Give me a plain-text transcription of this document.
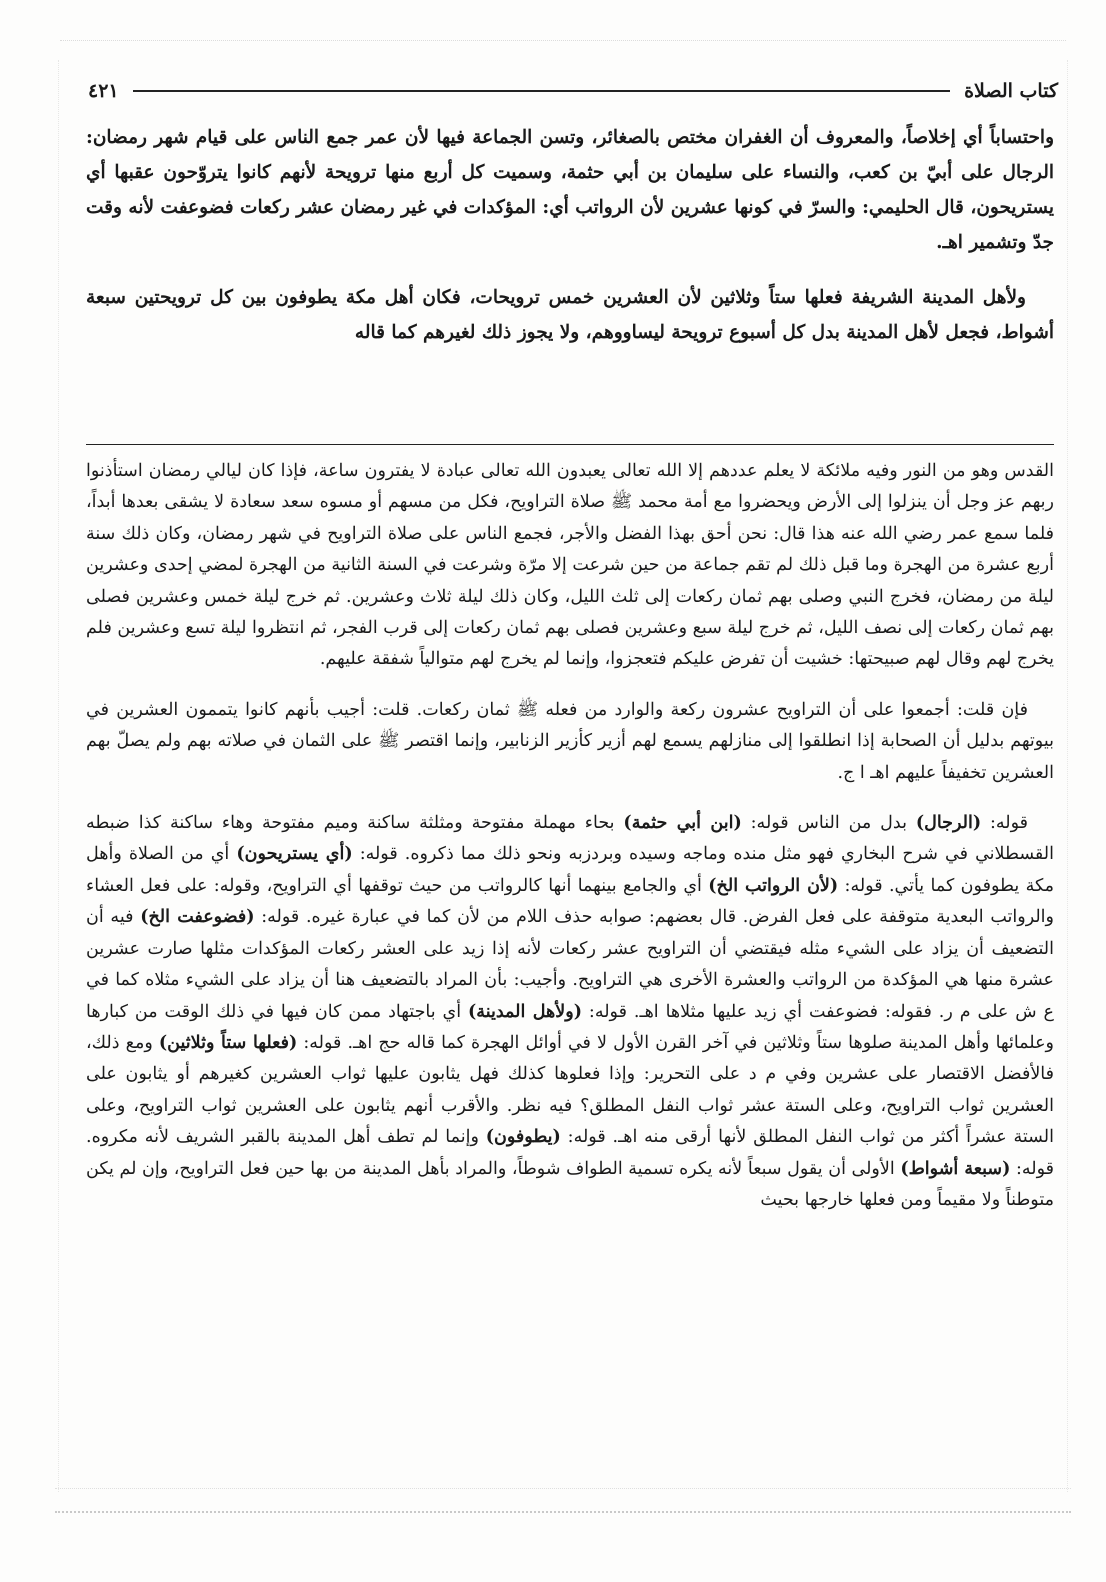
كتاب الصلاة
٤٢١

واحتساباً أي إخلاصاً، والمعروف أن الغفران مختص بالصغائر، وتسن الجماعة فيها لأن عمر جمع الناس على قيام شهر رمضان: الرجال على أبيّ بن كعب، والنساء على سليمان بن أبي حثمة، وسميت كل أربع منها ترويحة لأنهم كانوا يتروّحون عقبها أي يستريحون، قال الحليمي: والسرّ في كونها عشرين لأن الرواتب أي: المؤكدات في غير رمضان عشر ركعات فضوعفت لأنه وقت جدّ وتشمير اهـ.

ولأهل المدينة الشريفة فعلها ستاً وثلاثين لأن العشرين خمس ترويحات، فكان أهل مكة يطوفون بين كل ترويحتين سبعة أشواط، فجعل لأهل المدينة بدل كل أسبوع ترويحة ليساووهم، ولا يجوز ذلك لغيرهم كما قاله

القدس وهو من النور وفيه ملائكة لا يعلم عددهم إلا الله تعالى يعبدون الله تعالى عبادة لا يفترون ساعة، فإذا كان ليالي رمضان استأذنوا ربهم عز وجل أن ينزلوا إلى الأرض ويحضروا مع أمة محمد ﷺ صلاة التراويح، فكل من مسهم أو مسوه سعد سعادة لا يشقى بعدها أبداً، فلما سمع عمر رضي الله عنه هذا قال: نحن أحق بهذا الفضل والأجر، فجمع الناس على صلاة التراويح في شهر رمضان، وكان ذلك سنة أربع عشرة من الهجرة وما قبل ذلك لم تقم جماعة من حين شرعت إلا مرّة وشرعت في السنة الثانية من الهجرة لمضي إحدى وعشرين ليلة من رمضان، فخرج النبي وصلى بهم ثمان ركعات إلى ثلث الليل، وكان ذلك ليلة ثلاث وعشرين. ثم خرج ليلة خمس وعشرين فصلى بهم ثمان ركعات إلى نصف الليل، ثم خرج ليلة سبع وعشرين فصلى بهم ثمان ركعات إلى قرب الفجر، ثم انتظروا ليلة تسع وعشرين فلم يخرج لهم وقال لهم صبيحتها: خشيت أن تفرض عليكم فتعجزوا، وإنما لم يخرج لهم متوالياً شفقة عليهم.

فإن قلت: أجمعوا على أن التراويح عشرون ركعة والوارد من فعله ﷺ ثمان ركعات. قلت: أجيب بأنهم كانوا يتممون العشرين في بيوتهم بدليل أن الصحابة إذا انطلقوا إلى منازلهم يسمع لهم أزير كأزير الزنابير، وإنما اقتصر ﷺ على الثمان في صلاته بهم ولم يصلّ بهم العشرين تخفيفاً عليهم اهـ ا ج.

قوله: (الرجال) بدل من الناس قوله: (ابن أبي حثمة) بحاء مهملة مفتوحة ومثلثة ساكنة وميم مفتوحة وهاء ساكنة كذا ضبطه القسطلاني في شرح البخاري فهو مثل منده وماجه وسيده وبردزبه ونحو ذلك مما ذكروه. قوله: (أي يستريحون) أي من الصلاة وأهل مكة يطوفون كما يأتي. قوله: (لأن الرواتب الخ) أي والجامع بينهما أنها كالرواتب من حيث توقفها أي التراويح، وقوله: على فعل العشاء والرواتب البعدية متوقفة على فعل الفرض. قال بعضهم: صوابه حذف اللام من لأن كما في عبارة غيره. قوله: (فضوعفت الخ) فيه أن التضعيف أن يزاد على الشيء مثله فيقتضي أن التراويح عشر ركعات لأنه إذا زيد على العشر ركعات المؤكدات مثلها صارت عشرين عشرة منها هي المؤكدة من الرواتب والعشرة الأخرى هي التراويح. وأجيب: بأن المراد بالتضعيف هنا أن يزاد على الشيء مثلاه كما في ع ش على م ر. فقوله: فضوعفت أي زيد عليها مثلاها اهـ. قوله: (ولأهل المدينة) أي باجتهاد ممن كان فيها في ذلك الوقت من كبارها وعلمائها وأهل المدينة صلوها ستاً وثلاثين في آخر القرن الأول لا في أوائل الهجرة كما قاله حج اهـ. قوله: (فعلها ستاً وثلاثين) ومع ذلك، فالأفضل الاقتصار على عشرين وفي م د على التحرير: وإذا فعلوها كذلك فهل يثابون عليها ثواب العشرين كغيرهم أو يثابون على العشرين ثواب التراويح، وعلى الستة عشر ثواب النفل المطلق؟ فيه نظر. والأقرب أنهم يثابون على العشرين ثواب التراويح، وعلى الستة عشراً أكثر من ثواب النفل المطلق لأنها أرقى منه اهـ. قوله: (يطوفون) وإنما لم تطف أهل المدينة بالقبر الشريف لأنه مكروه. قوله: (سبعة أشواط) الأولى أن يقول سبعاً لأنه يكره تسمية الطواف شوطاً، والمراد بأهل المدينة من بها حين فعل التراويح، وإن لم يكن متوطناً ولا مقيماً ومن فعلها خارجها بحيث
